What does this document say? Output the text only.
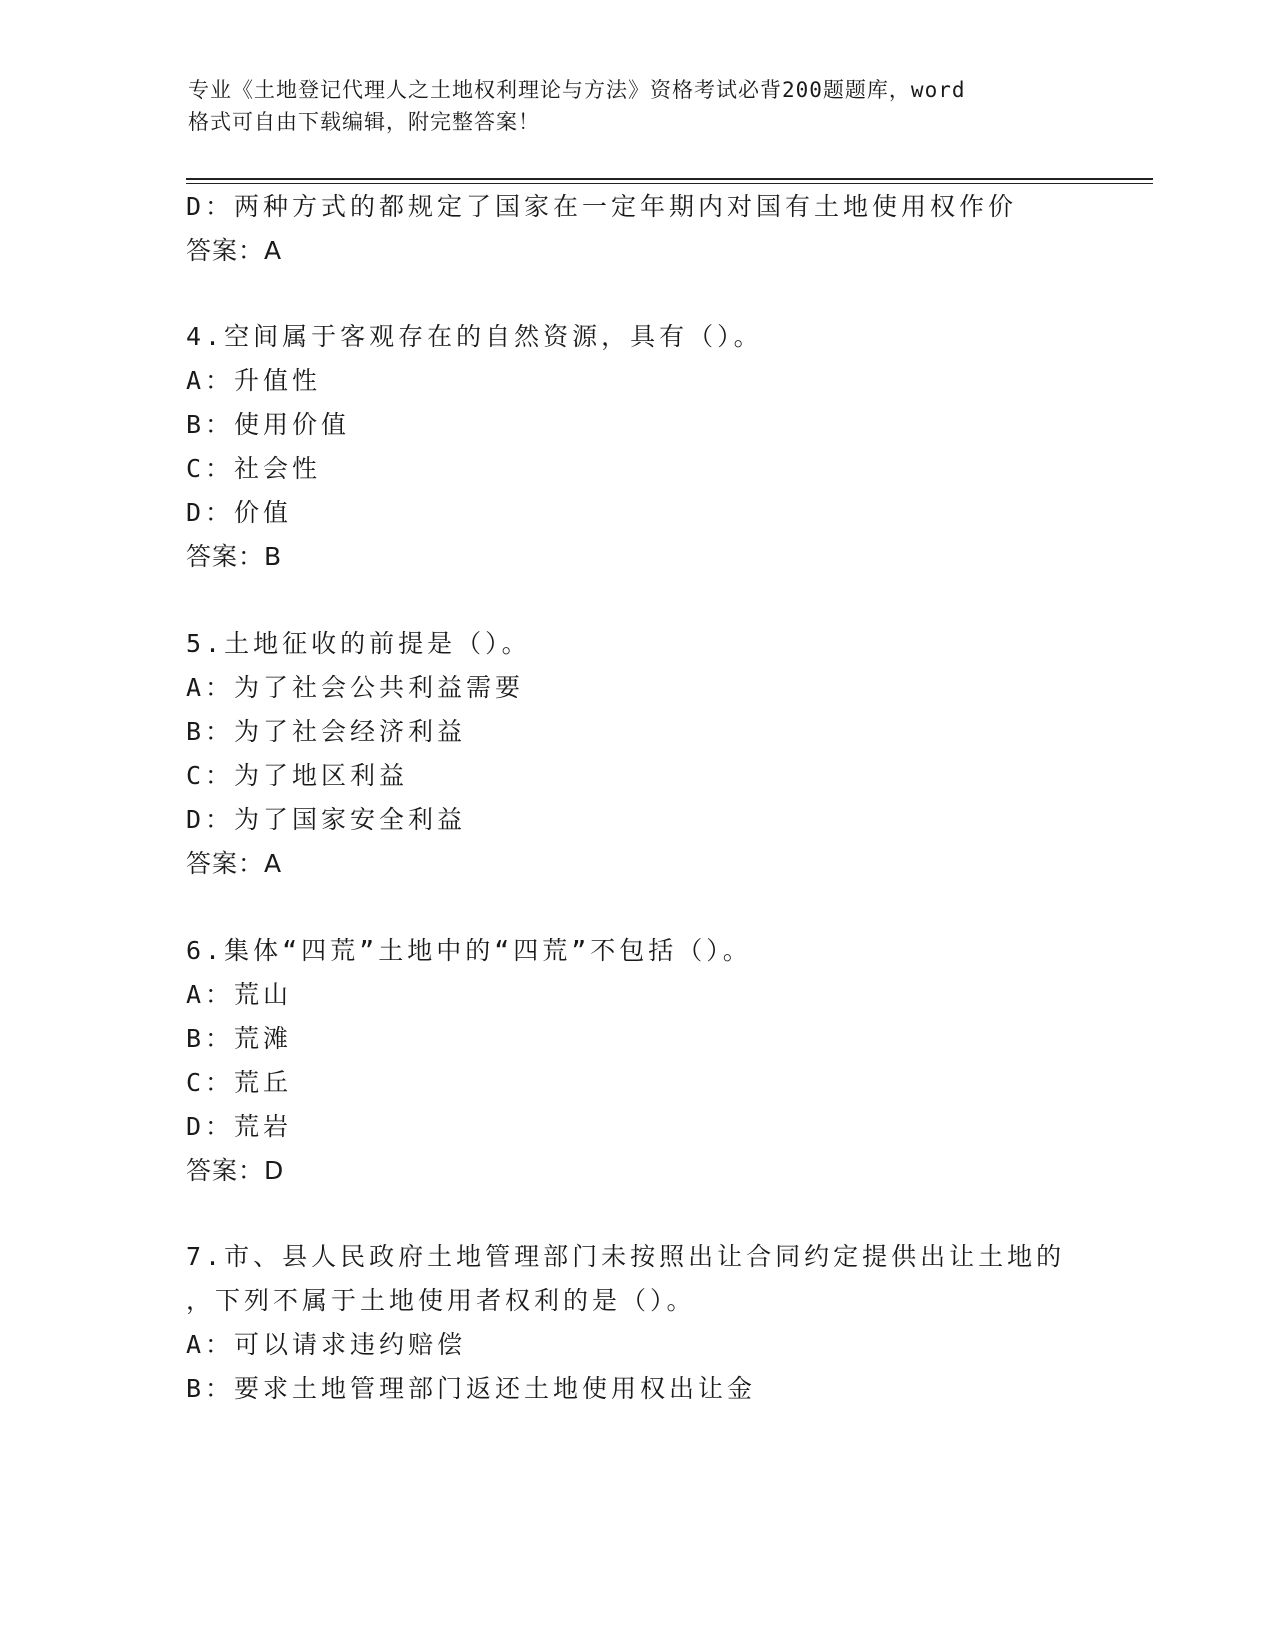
专业《土地登记代理人之土地权利理论与方法》资格考试必背200题题库，word
格式可自由下载编辑，附完整答案！
D：两种方式的都规定了国家在一定年期内对国有土地使用权作价
答案：A
4.空间属于客观存在的自然资源，具有（）。
A：升值性
B：使用价值
C：社会性
D：价值
答案：B
5.土地征收的前提是（）。
A：为了社会公共利益需要
B：为了社会经济利益
C：为了地区利益
D：为了国家安全利益
答案：A
6.集体“四荒”土地中的“四荒”不包括（）。
A：荒山
B：荒滩
C：荒丘
D：荒岩
答案：D
7.市、县人民政府土地管理部门未按照出让合同约定提供出让土地的
，下列不属于土地使用者权利的是（）。
A：可以请求违约赔偿
B：要求土地管理部门返还土地使用权出让金
